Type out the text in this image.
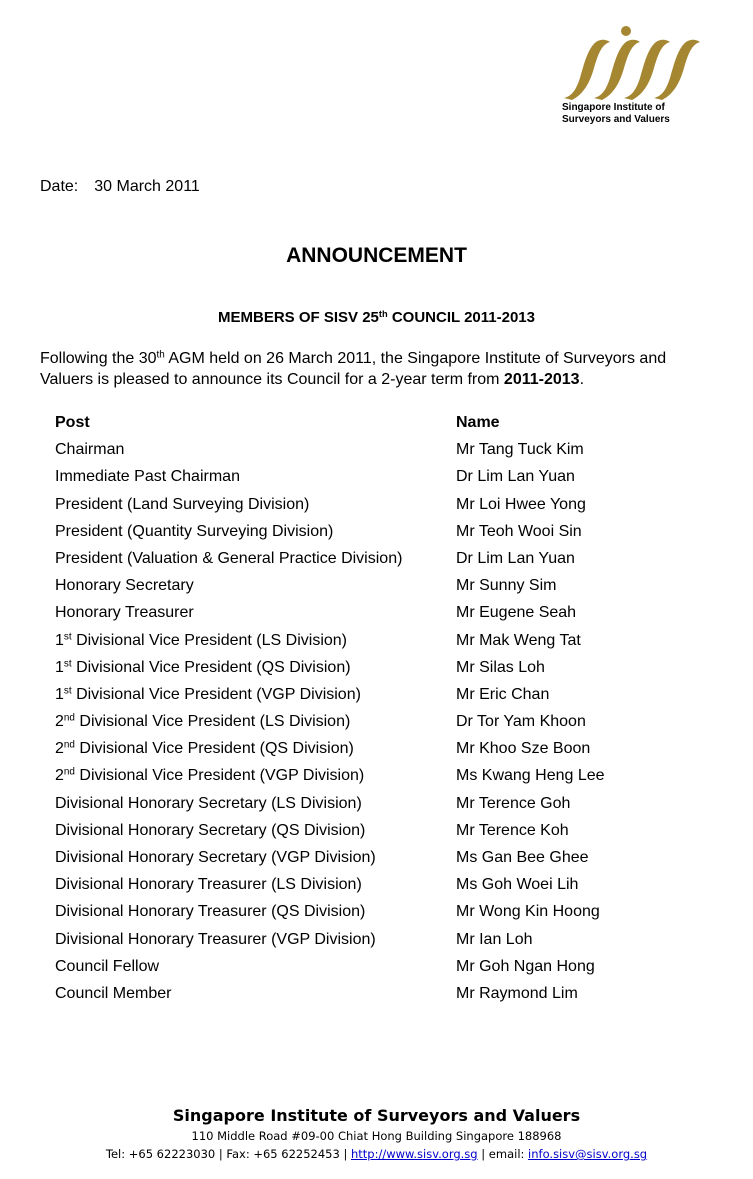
Singapore Institute of
Surveyors and Valuers
Date: 30 March 2011
ANNOUNCEMENT
MEMBERS OF SISV 25th COUNCIL 2011-2013
Following the 30th AGM held on 26 March 2011, the Singapore Institute of Surveyors and Valuers is pleased to announce its Council for a 2-year term from 2011-2013.
Post	Name
Chairman	Mr Tang Tuck Kim
Immediate Past Chairman	Dr Lim Lan Yuan
President (Land Surveying Division)	Mr Loi Hwee Yong
President (Quantity Surveying Division)	Mr Teoh Wooi Sin
President (Valuation & General Practice Division)	Dr Lim Lan Yuan
Honorary Secretary	Mr Sunny Sim
Honorary Treasurer	Mr Eugene Seah
1st Divisional Vice President (LS Division)	Mr Mak Weng Tat
1st Divisional Vice President (QS Division)	Mr Silas Loh
1st Divisional Vice President (VGP Division)	Mr Eric Chan
2nd Divisional Vice President (LS Division)	Dr Tor Yam Khoon
2nd Divisional Vice President (QS Division)	Mr Khoo Sze Boon
2nd Divisional Vice President (VGP Division)	Ms Kwang Heng Lee
Divisional Honorary Secretary (LS Division)	Mr Terence Goh
Divisional Honorary Secretary (QS Division)	Mr Terence Koh
Divisional Honorary Secretary (VGP Division)	Ms Gan Bee Ghee
Divisional Honorary Treasurer (LS Division)	Ms Goh Woei Lih
Divisional Honorary Treasurer (QS Division)	Mr Wong Kin Hoong
Divisional Honorary Treasurer (VGP Division)	Mr Ian Loh
Council Fellow	Mr Goh Ngan Hong
Council Member	Mr Raymond Lim
Singapore Institute of Surveyors and Valuers
110 Middle Road #09-00 Chiat Hong Building Singapore 188968
Tel: +65 62223030 | Fax: +65 62252453 | http://www.sisv.org.sg | email: info.sisv@sisv.org.sg
